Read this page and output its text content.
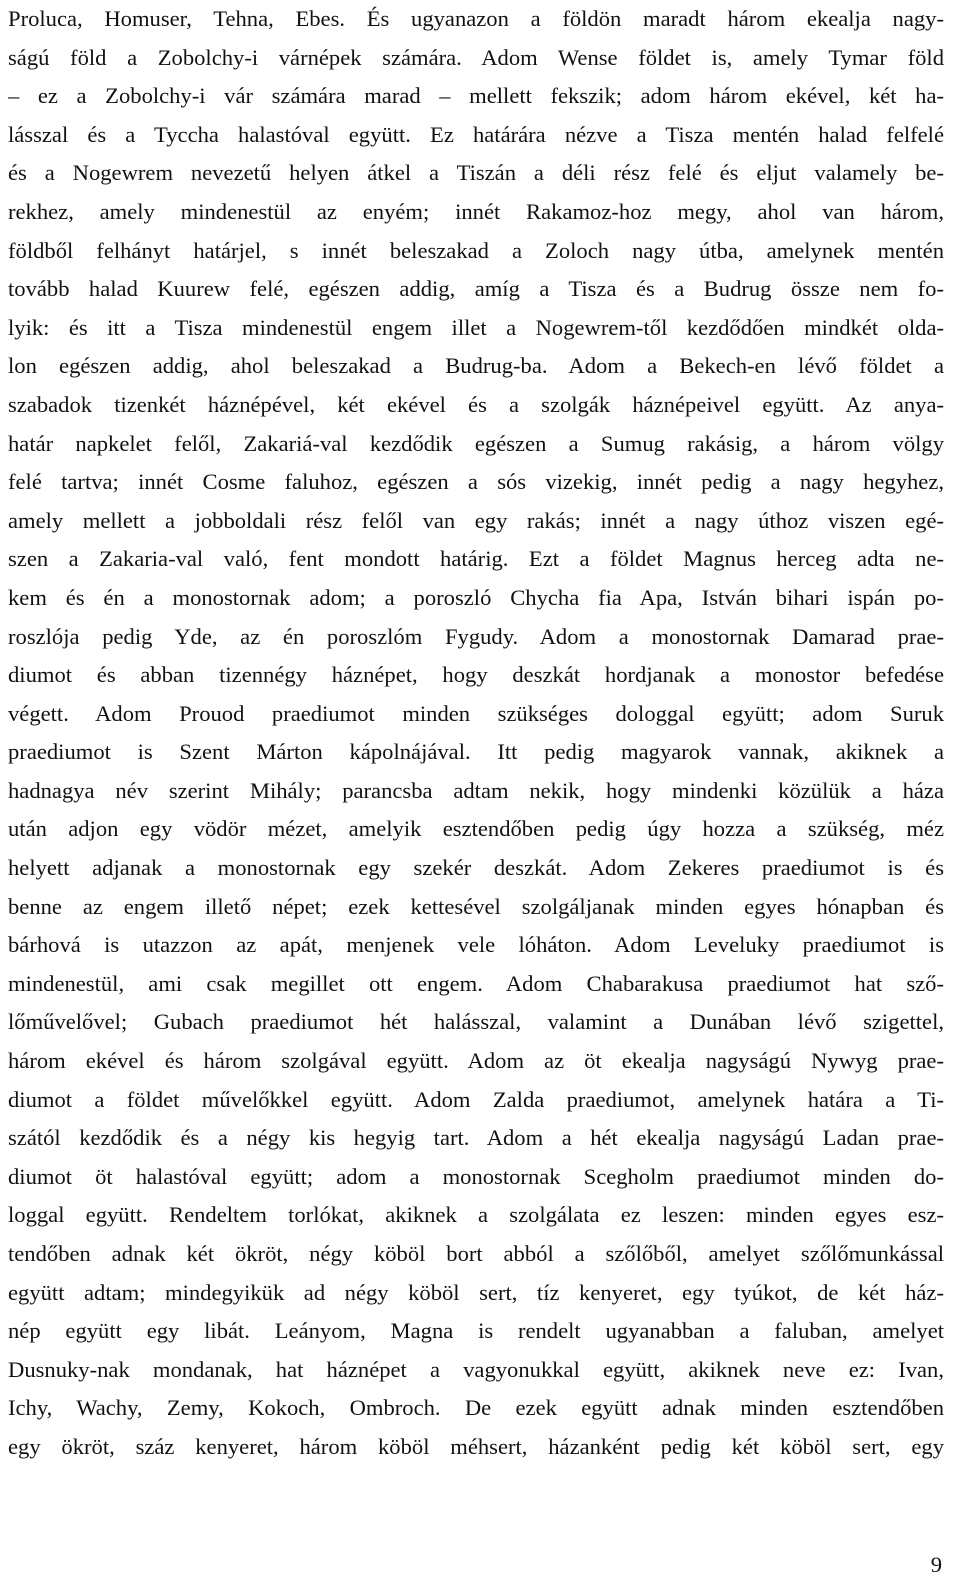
Proluca, Homuser, Tehna, Ebes. És ugyanazon a földön maradt három ekealja nagy-
ságú föld a Zobolchy-i várnépek számára. Adom Wense földet is, amely Tymar föld
– ez a Zobolchy-i vár számára marad – mellett fekszik; adom három ekével, két ha-
lásszal és a Tyccha halastóval együtt. Ez határára nézve a Tisza mentén halad felfelé
és a Nogewrem nevezetű helyen átkel a Tiszán a déli rész felé és eljut valamely be-
rekhez, amely mindenestül az enyém; innét Rakamoz-hoz megy, ahol van három,
földből felhányt határjel, s innét beleszakad a Zoloch nagy útba, amelynek mentén
tovább halad Kuurew felé, egészen addig, amíg a Tisza és a Budrug össze nem fo-
lyik: és itt a Tisza mindenestül engem illet a Nogewrem-től kezdődően mindkét olda-
lon egészen addig, ahol beleszakad a Budrug-ba. Adom a Bekech-en lévő földet a
szabadok tizenkét háznépével, két ekével és a szolgák háznépeivel együtt. Az anya-
határ napkelet felől, Zakariá-val kezdődik egészen a Sumug rakásig, a három völgy
felé tartva; innét Cosme faluhoz, egészen a sós vizekig, innét pedig a nagy hegyhez,
amely mellett a jobboldali rész felől van egy rakás; innét a nagy úthoz viszen egé-
szen a Zakaria-val való, fent mondott határig. Ezt a földet Magnus herceg adta ne-
kem és én a monostornak adom; a poroszló Chycha fia Apa, István bihari ispán po-
roszlója pedig Yde, az én poroszlóm Fygudy. Adom a monostornak Damarad prae-
diumot és abban tizennégy háznépet, hogy deszkát hordjanak a monostor befedése
végett. Adom Prouod praediumot minden szükséges dologgal együtt; adom Suruk
praediumot is Szent Márton kápolnájával. Itt pedig magyarok vannak, akiknek a
hadnagya név szerint Mihály; parancsba adtam nekik, hogy mindenki közülük a háza
után adjon egy vödör mézet, amelyik esztendőben pedig úgy hozza a szükség, méz
helyett adjanak a monostornak egy szekér deszkát. Adom Zekeres praediumot is és
benne az engem illető népet; ezek kettesével szolgáljanak minden egyes hónapban és
bárhová is utazzon az apát, menjenek vele lóháton. Adom Leveluky praediumot is
mindenestül, ami csak megillet ott engem. Adom Chabarakusa praediumot hat sző-
lőművelővel; Gubach praediumot hét halásszal, valamint a Dunában lévő szigettel,
három ekével és három szolgával együtt. Adom az öt ekealja nagyságú Nywyg prae-
diumot a földet művelőkkel együtt. Adom Zalda praediumot, amelynek határa a Ti-
szától kezdődik és a négy kis hegyig tart. Adom a hét ekealja nagyságú Ladan prae-
diumot öt halastóval együtt; adom a monostornak Scegholm praediumot minden do-
loggal együtt. Rendeltem torlókat, akiknek a szolgálata ez leszen: minden egyes esz-
tendőben adnak két ökröt, négy köböl bort abból a szőlőből, amelyet szőlőmunkással
együtt adtam; mindegyikük ad négy köböl sert, tíz kenyeret, egy tyúkot, de két ház-
nép együtt egy libát. Leányom, Magna is rendelt ugyanabban a faluban, amelyet
Dusnuky-nak mondanak, hat háznépet a vagyonukkal együtt, akiknek neve ez: Ivan,
Ichy, Wachy, Zemy, Kokoch, Ombroch. De ezek együtt adnak minden esztendőben
egy ökröt, száz kenyeret, három köböl méhsert, házanként pedig két köböl sert, egy
9
